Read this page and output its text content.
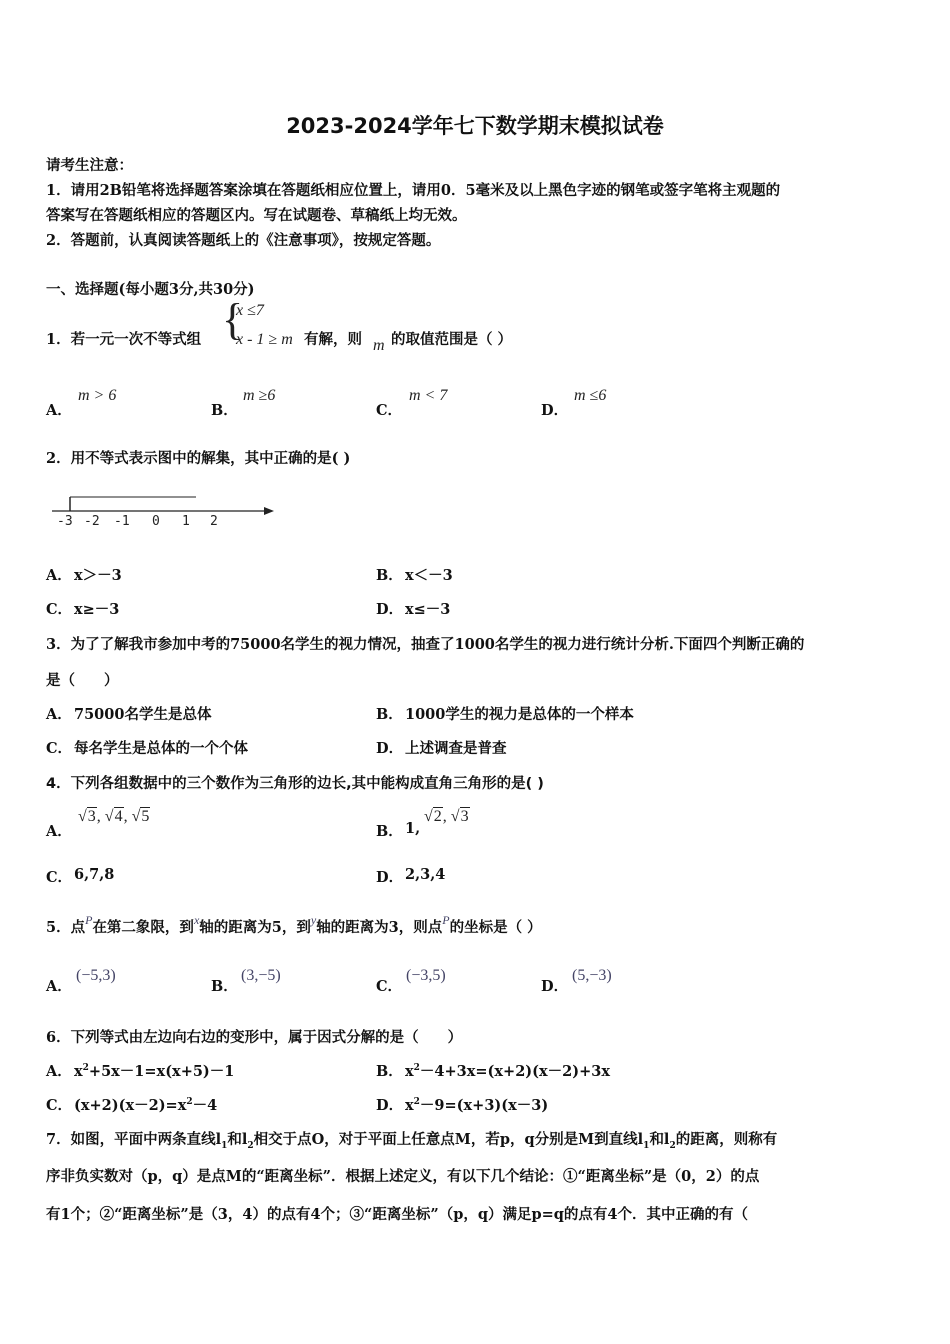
2023-2024学年七下数学期末模拟试卷
请考生注意：
1．请用2B铅笔将选择题答案涂填在答题纸相应位置上，请用0．5毫米及以上黑色字迹的钢笔或签字笔将主观题的
答案写在答题纸相应的答题区内。写在试题卷、草稿纸上均无效。
2．答题前，认真阅读答题纸上的《注意事项》，按规定答题。
一、选择题(每小题3分,共30分)
1．若一元一次不等式组 {
x ≤7
x - 1 ≥ m 有解，则 m 的取值范围是（ ）
A．
m > 6
B．
m ≥6
C．
m < 7
D．
m ≤6
2．用不等式表示图中的解集，其中正确的是( )
-3 -2 -1 0 1 2
A． x＞－3	B． x＜－3
C． x≥－3	D． x≤－3
3．为了了解我市参加中考的75000名学生的视力情况，抽查了1000名学生的视力进行统计分析.下面四个判断正确的
是（　　）
A． 75000名学生是总体	B． 1000学生的视力是总体的一个样本
C． 每名学生是总体的一个个体	D． 上述调查是普查
4．下列各组数据中的三个数作为三角形的边长,其中能构成直角三角形的是( )
A．
√3, √4, √5
B． 1,
√2, √3
C． 6,7,8	D． 2,3,4
5．点$^P$在第二象限，到$^x$轴的距离为5，到$^y$轴的距离为3，则点$^P$的坐标是（ ）
A．
(−5,3)
B．
(3,−5)
C．
(−3,5)
D．
(5,−3)
6．下列等式由左边向右边的变形中，属于因式分解的是（　　）
A． $x^2+5x-1=x(x+5)-1$	B． $x^2-4+3x=(x+2)(x-2)+3x$
C． $(x+2)(x-2)=x^2-4$	D． $x^2-9=(x+3)(x-3)$
7．如图，平面中两条直线$l_1$和$l_2$相交于点O，对于平面上任意点M，若p，q分别是M到直线$l_1$和$l_2$的距离，则称有
序非负实数对（p，q）是点M的“距离坐标”．根据上述定义，有以下几个结论：①“距离坐标”是（0，2）的点
有1个；②“距离坐标”是（3，4）的点有4个；③“距离坐标”（p，q）满足p=q的点有4个．其中正确的有（
